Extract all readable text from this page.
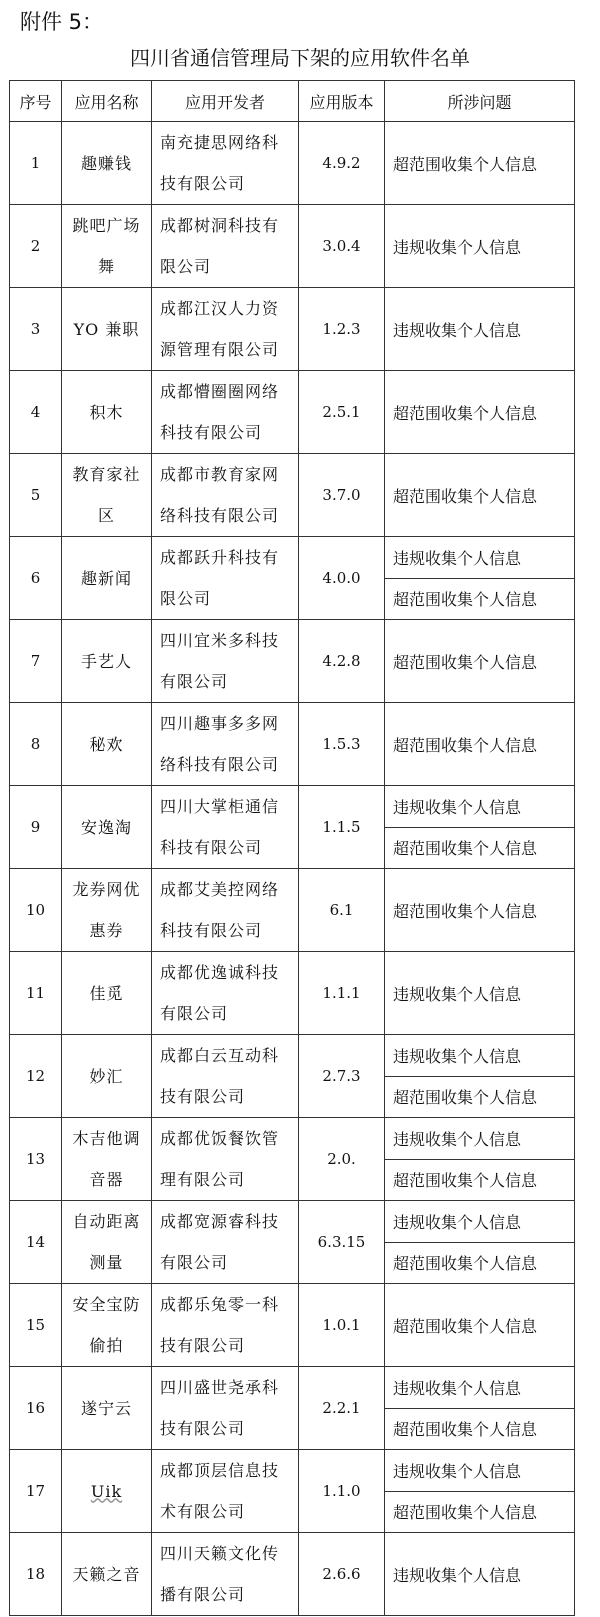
附件 5：
四川省通信管理局下架的应用软件名单
序号	应用名称	应用开发者	应用版本	所涉问题
1	趣赚钱	南充捷思网络科技有限公司	4.9.2	超范围收集个人信息
2	跳吧广场舞	成都树洞科技有限公司	3.0.4	违规收集个人信息
3	YO 兼职	成都江汉人力资源管理有限公司	1.2.3	违规收集个人信息
4	积木	成都懵圈圈网络科技有限公司	2.5.1	超范围收集个人信息
5	教育家社区	成都市教育家网络科技有限公司	3.7.0	超范围收集个人信息
6	趣新闻	成都跃升科技有限公司	4.0.0	违规收集个人信息
				超范围收集个人信息
7	手艺人	四川宜米多科技有限公司	4.2.8	超范围收集个人信息
8	秘欢	四川趣事多多网络科技有限公司	1.5.3	超范围收集个人信息
9	安逸淘	四川大掌柜通信科技有限公司	1.1.5	违规收集个人信息
				超范围收集个人信息
10	龙券网优惠券	成都艾美控网络科技有限公司	6.1	超范围收集个人信息
11	佳觅	成都优逸诚科技有限公司	1.1.1	违规收集个人信息
12	妙汇	成都白云互动科技有限公司	2.7.3	违规收集个人信息
				超范围收集个人信息
13	木吉他调音器	成都优饭餐饮管理有限公司	2.0.	违规收集个人信息
				超范围收集个人信息
14	自动距离测量	成都宽源睿科技有限公司	6.3.15	违规收集个人信息
				超范围收集个人信息
15	安全宝防偷拍	成都乐兔零一科技有限公司	1.0.1	超范围收集个人信息
16	遂宁云	四川盛世尧承科技有限公司	2.2.1	违规收集个人信息
				超范围收集个人信息
17	Uik	成都顶层信息技术有限公司	1.1.0	违规收集个人信息
				超范围收集个人信息
18	天籁之音	四川天籁文化传播有限公司	2.6.6	违规收集个人信息
